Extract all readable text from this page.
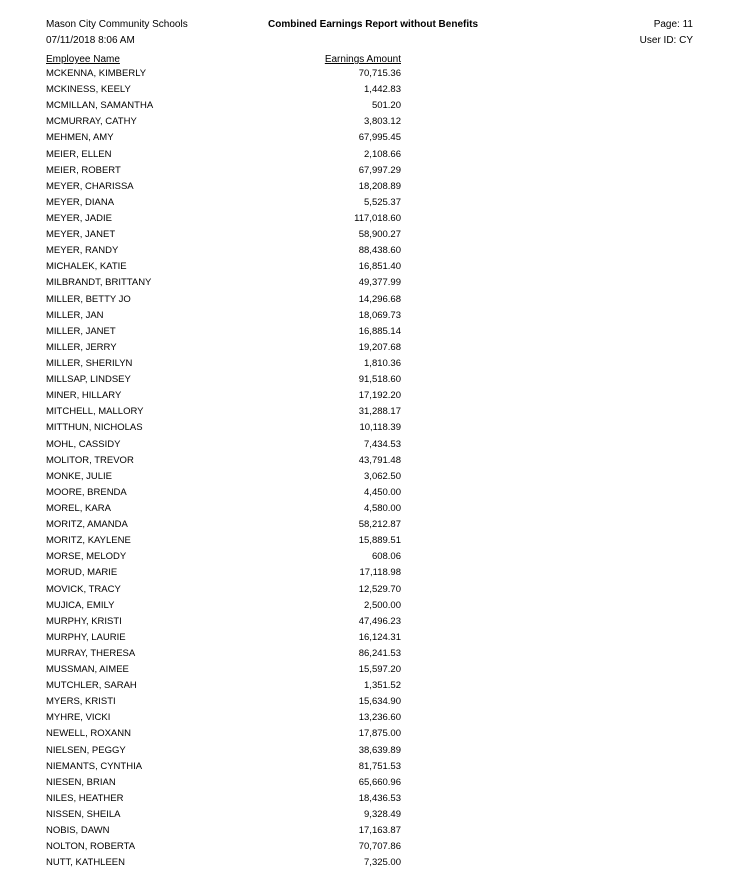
Mason City Community Schools
07/11/2018 8:06 AM
Combined Earnings Report without Benefits	Page: 11
User ID: CY
Employee Name	Earnings Amount
MCKENNA, KIMBERLY	70,715.36
MCKINESS, KEELY	1,442.83
MCMILLAN, SAMANTHA	501.20
MCMURRAY, CATHY	3,803.12
MEHMEN, AMY	67,995.45
MEIER, ELLEN	2,108.66
MEIER, ROBERT	67,997.29
MEYER, CHARISSA	18,208.89
MEYER, DIANA	5,525.37
MEYER, JADIE	117,018.60
MEYER, JANET	58,900.27
MEYER, RANDY	88,438.60
MICHALEK, KATIE	16,851.40
MILBRANDT, BRITTANY	49,377.99
MILLER, BETTY JO	14,296.68
MILLER, JAN	18,069.73
MILLER, JANET	16,885.14
MILLER, JERRY	19,207.68
MILLER, SHERILYN	1,810.36
MILLSAP, LINDSEY	91,518.60
MINER, HILLARY	17,192.20
MITCHELL, MALLORY	31,288.17
MITTHUN, NICHOLAS	10,118.39
MOHL, CASSIDY	7,434.53
MOLITOR, TREVOR	43,791.48
MONKE, JULIE	3,062.50
MOORE, BRENDA	4,450.00
MOREL, KARA	4,580.00
MORITZ, AMANDA	58,212.87
MORITZ, KAYLENE	15,889.51
MORSE, MELODY	608.06
MORUD, MARIE	17,118.98
MOVICK, TRACY	12,529.70
MUJICA, EMILY	2,500.00
MURPHY, KRISTI	47,496.23
MURPHY, LAURIE	16,124.31
MURRAY, THERESA	86,241.53
MUSSMAN, AIMEE	15,597.20
MUTCHLER, SARAH	1,351.52
MYERS, KRISTI	15,634.90
MYHRE, VICKI	13,236.60
NEWELL, ROXANN	17,875.00
NIELSEN, PEGGY	38,639.89
NIEMANTS, CYNTHIA	81,751.53
NIESEN, BRIAN	65,660.96
NILES, HEATHER	18,436.53
NISSEN, SHEILA	9,328.49
NOBIS, DAWN	17,163.87
NOLTON, ROBERTA	70,707.86
NUTT, KATHLEEN	7,325.00
